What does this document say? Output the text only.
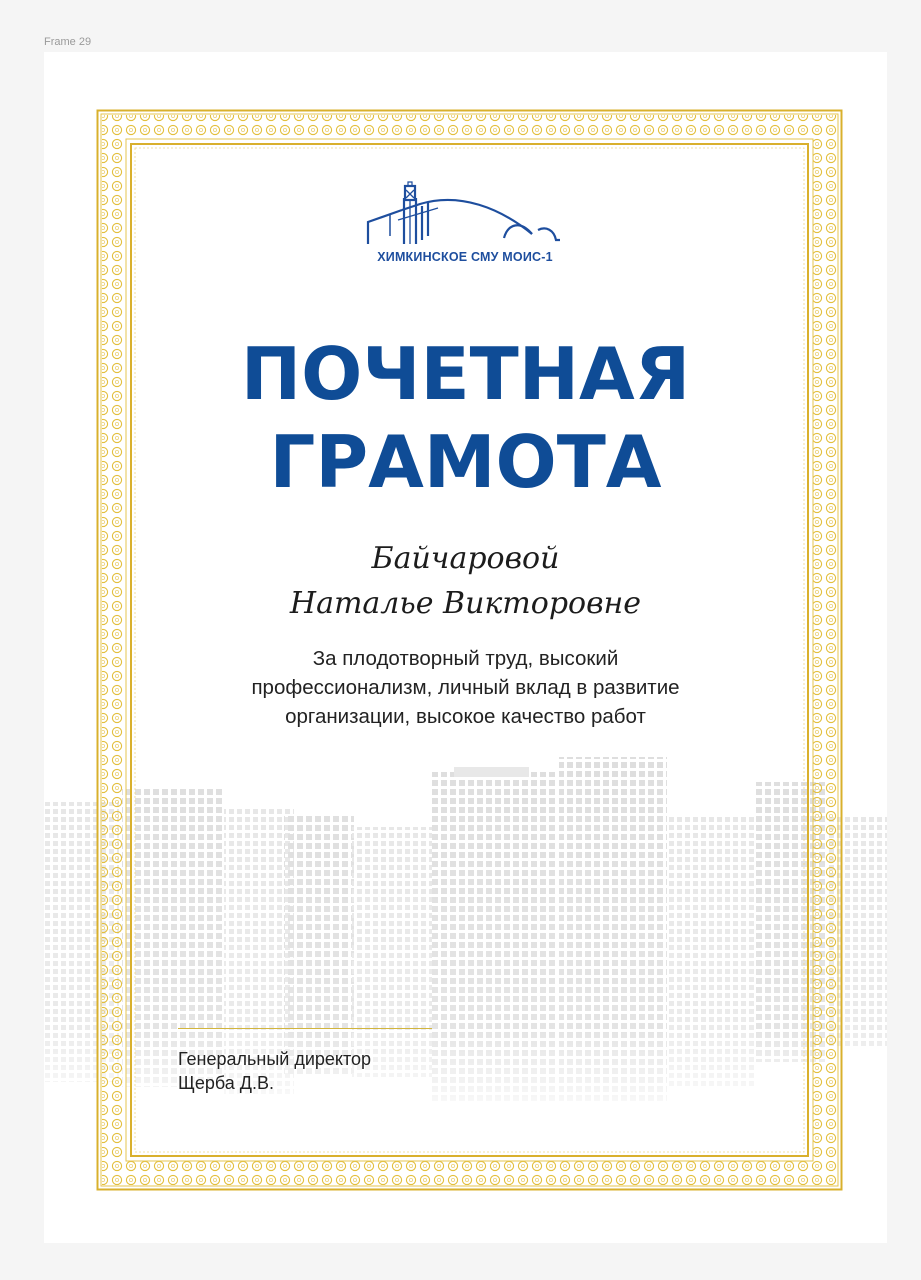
Frame 29
ХИМКИНСКОЕ СМУ МОИС-1
ПОЧЕТНАЯ
ГРАМОТА
Байчаровой
Наталье Викторовне
За плодотворный труд, высокий
профессионализм, личный вклад в развитие
организации, высокое качество работ
Генеральный директор
Щерба Д.В.
